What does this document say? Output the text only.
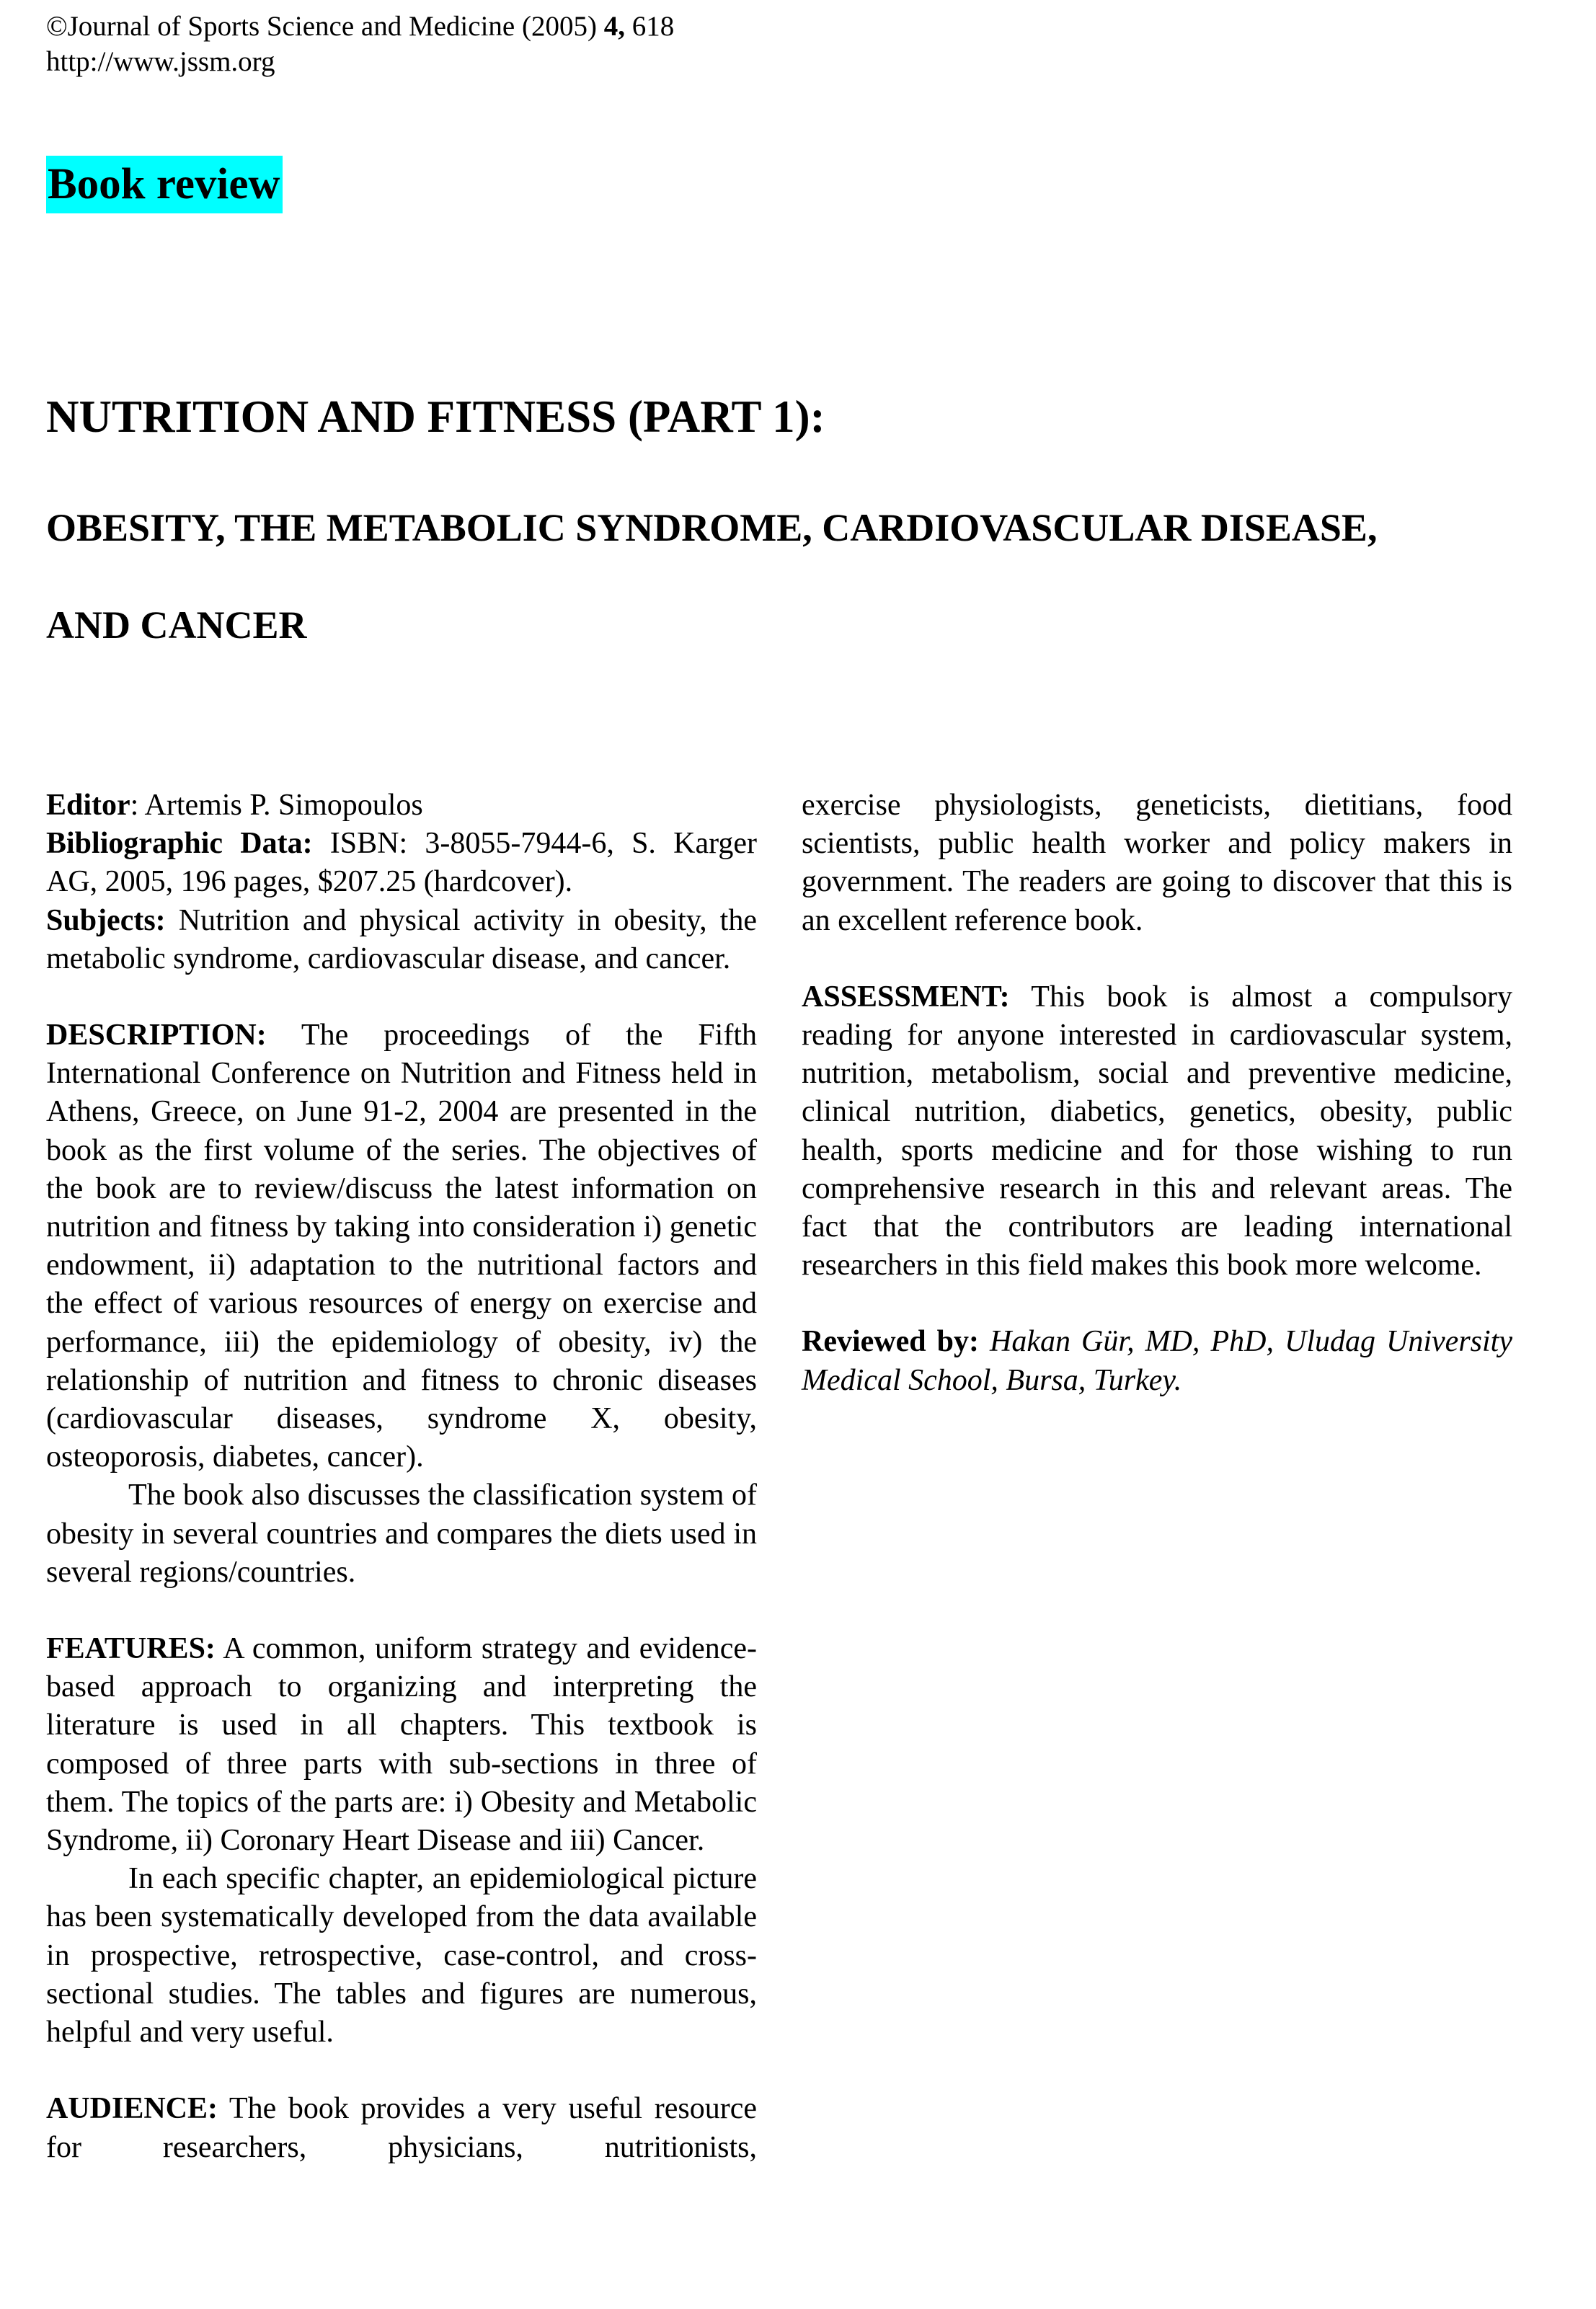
©Journal of Sports Science and Medicine (2005) 4, 618
http://www.jssm.org
Book review
NUTRITION AND FITNESS (PART 1):
OBESITY, THE METABOLIC SYNDROME, CARDIOVASCULAR DISEASE,
AND CANCER

Editor: Artemis P. Simopoulos

Bibliographic Data: ISBN: 3-8055-7944-6, S. Karger AG, 2005, 196 pages, $207.25 (hardcover).

Subjects: Nutrition and physical activity in obesity, the metabolic syndrome, cardiovascular disease, and cancer.

DESCRIPTION: The proceedings of the Fifth International Conference on Nutrition and Fitness held in Athens, Greece, on June 91-2, 2004 are presented in the book as the first volume of the series. The objectives of the book are to review/discuss the latest information on nutrition and fitness by taking into consideration i) genetic endowment, ii) adaptation to the nutritional factors and the effect of various resources of energy on exercise and performance, iii) the epidemiology of obesity, iv) the relationship of nutrition and fitness to chronic diseases (cardiovascular diseases, syndrome X, obesity, osteoporosis, diabetes, cancer).

The book also discusses the classification system of obesity in several countries and compares the diets used in several regions/countries.

FEATURES: A common, uniform strategy and evidence-based approach to organizing and interpreting the literature is used in all chapters. This textbook is composed of three parts with sub-sections in three of them. The topics of the parts are: i) Obesity and Metabolic Syndrome, ii) Coronary Heart Disease and iii) Cancer.

In each specific chapter, an epidemiological picture has been systematically developed from the data available in prospective, retrospective, case-control, and cross-sectional studies. The tables and figures are numerous, helpful and very useful.

AUDIENCE: The book provides a very useful resource for researchers, physicians, nutritionists,

exercise physiologists, geneticists, dietitians, food scientists, public health worker and policy makers in government. The readers are going to discover that this is an excellent reference book.

ASSESSMENT: This book is almost a compulsory reading for anyone interested in cardiovascular system, nutrition, metabolism, social and preventive medicine, clinical nutrition, diabetics, genetics, obesity, public health, sports medicine and for those wishing to run comprehensive research in this and relevant areas. The fact that the contributors are leading international researchers in this field makes this book more welcome.

Reviewed by: Hakan Gür, MD, PhD, Uludag University Medical School, Bursa, Turkey.
